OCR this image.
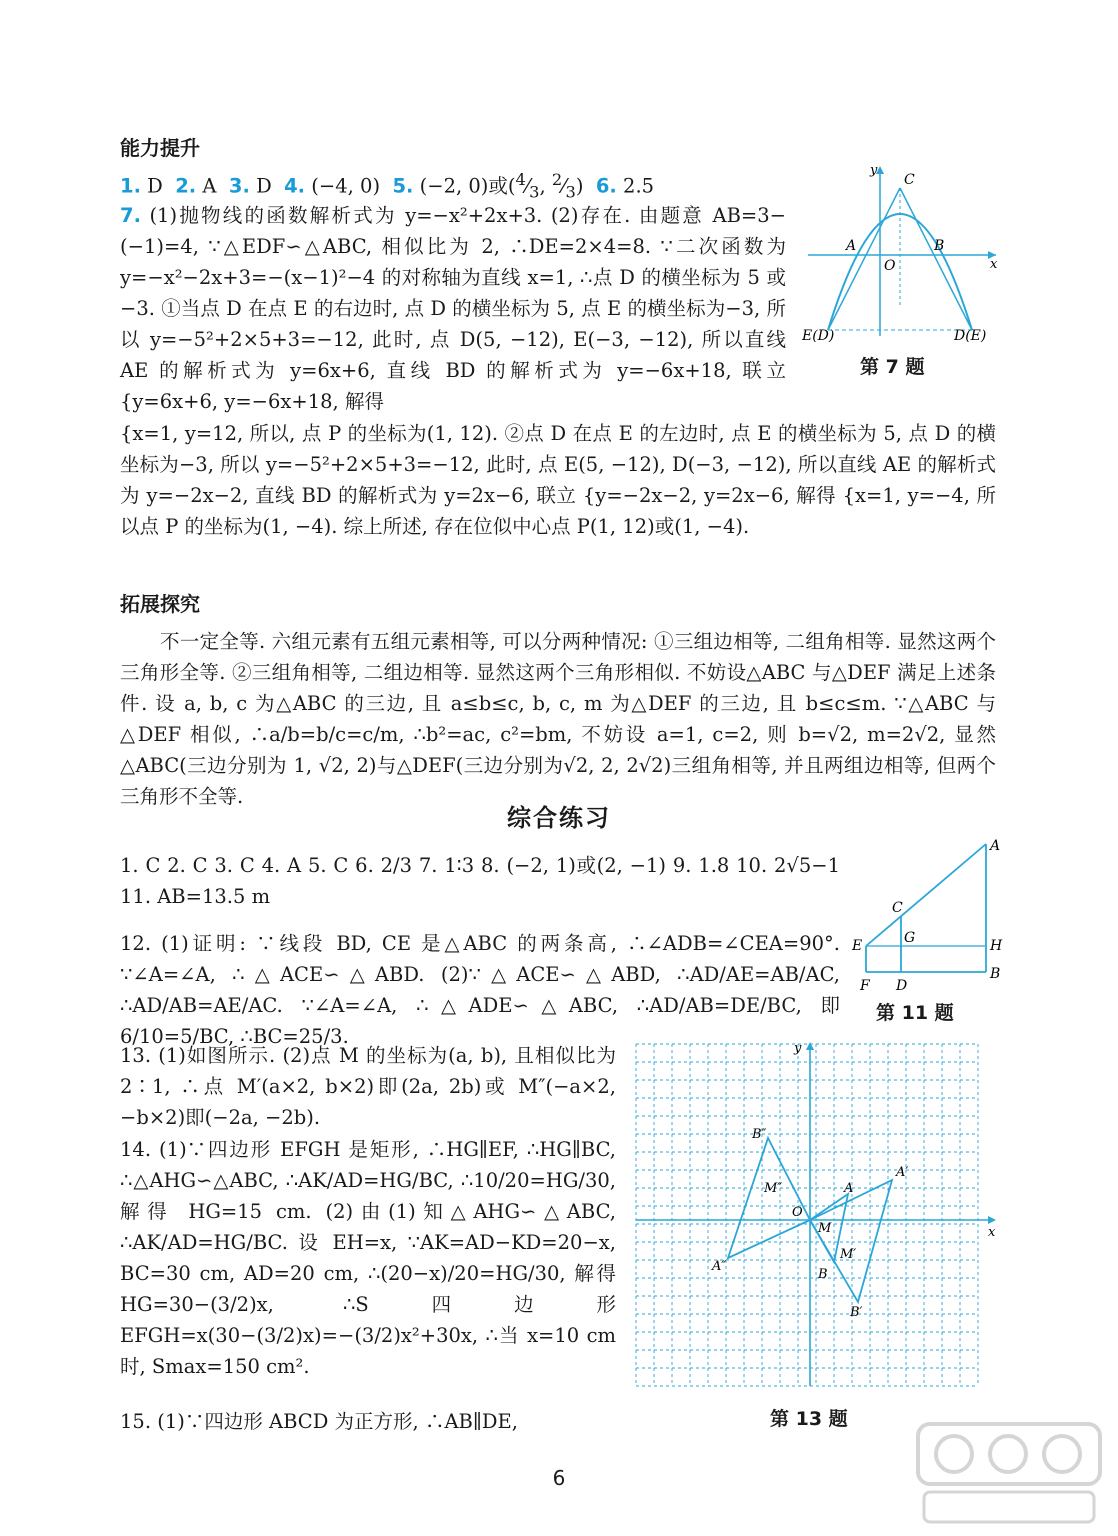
能力提升
1. D  2. A  3. D  4. (−4, 0)  5. (−2, 0)或($^4⁄_3$, $^2⁄_3$)  6. 2.5
7. (1)抛物线的函数解析式为 y=−x²+2x+3. (2)存在. 由题意 AB=3−(−1)=4, ∵△EDF∽△ABC, 相似比为 2, ∴DE=2×4=8. ∵二次函数为 y=−x²−2x+3=−(x−1)²−4 的对称轴为直线 x=1, ∴点 D 的横坐标为 5 或−3. ①当点 D 在点 E 的右边时, 点 D 的横坐标为 5, 点 E 的横坐标为−3, 所以 y=−5²+2×5+3=−12, 此时, 点 D(5, −12), E(−3, −12), 所以直线 AE 的解析式为 y=6x+6, 直线 BD 的解析式为 y=−6x+18, 联立 {y=6x+6, y=−6x+18, 解得
{x=1, y=12, 所以, 点 P 的坐标为(1, 12). ②点 D 在点 E 的左边时, 点 E 的横坐标为 5, 点 D 的横坐标为−3, 所以 y=−5²+2×5+3=−12, 此时, 点 E(5, −12), D(−3, −12), 所以直线 AE 的解析式为 y=−2x−2, 直线 BD 的解析式为 y=2x−6, 联立 {y=−2x−2, y=2x−6, 解得 {x=1, y=−4, 所以点 P 的坐标为(1, −4). 综上所述, 存在位似中心点 P(1, 12)或(1, −4).
y
C
A	B
O	x
E(D)	D(E)
第 7 题
拓展探究
不一定全等. 六组元素有五组元素相等, 可以分两种情况: ①三组边相等, 二组角相等. 显然这两个三角形全等. ②三组角相等, 二组边相等. 显然这两个三角形相似. 不妨设△ABC 与△DEF 满足上述条件. 设 a, b, c 为△ABC 的三边, 且 a≤b≤c, b, c, m 为△DEF 的三边, 且 b≤c≤m. ∵△ABC 与△DEF 相似, ∴a/b=b/c=c/m, ∴b²=ac, c²=bm, 不妨设 a=1, c=2, 则 b=√2, m=2√2, 显然△ABC(三边分别为 1, √2, 2)与△DEF(三边分别为√2, 2, 2√2)三组角相等, 并且两组边相等, 但两个三角形不全等.
综合练习
1. C 2. C 3. C 4. A 5. C 6. 2/3 7. 1∶3 8. (−2, 1)或(2, −1) 9. 1.8 10. 2√5−1 11. AB=13.5 m
12. (1)证明: ∵线段 BD, CE 是△ABC 的两条高, ∴∠ADB=∠CEA=90°. ∵∠A=∠A, ∴△ACE∽△ABD. (2)∵△ACE∽△ABD, ∴AD/AE=AB/AC, ∴AD/AB=AE/AC. ∵∠A=∠A, ∴△ADE∽△ABC, ∴AD/AB=DE/BC, 即 6/10=5/BC, ∴BC=25/3.
A
C
E	G	H
F D
B
第 11 题
13. (1)如图所示. (2)点 M 的坐标为(a, b), 且相似比为 2∶1, ∴点 M′(a×2, b×2)即(2a, 2b)或 M″(−a×2, −b×2)即(−2a, −2b).
14. (1)∵四边形 EFGH 是矩形, ∴HG∥EF, ∴HG∥BC, ∴△AHG∽△ABC, ∴AK/AD=HG/BC, ∴10/20=HG/30, 解得 HG=15 cm. (2)由(1)知△AHG∽△ABC, ∴AK/AD=HG/BC. 设 EH=x, ∵AK=AD−KD=20−x, BC=30 cm, AD=20 cm, ∴(20−x)/20=HG/30, 解得 HG=30−(3/2)x, ∴S四边形EFGH=x(30−(3/2)x)=−(3/2)x²+30x, ∴当 x=10 cm 时, Smax=150 cm².
B″
M″
O
M
A
A′
A″
B
M′
B′
x
y
第 13 题
15. (1)∵四边形 ABCD 为正方形, ∴AB∥DE,
6
